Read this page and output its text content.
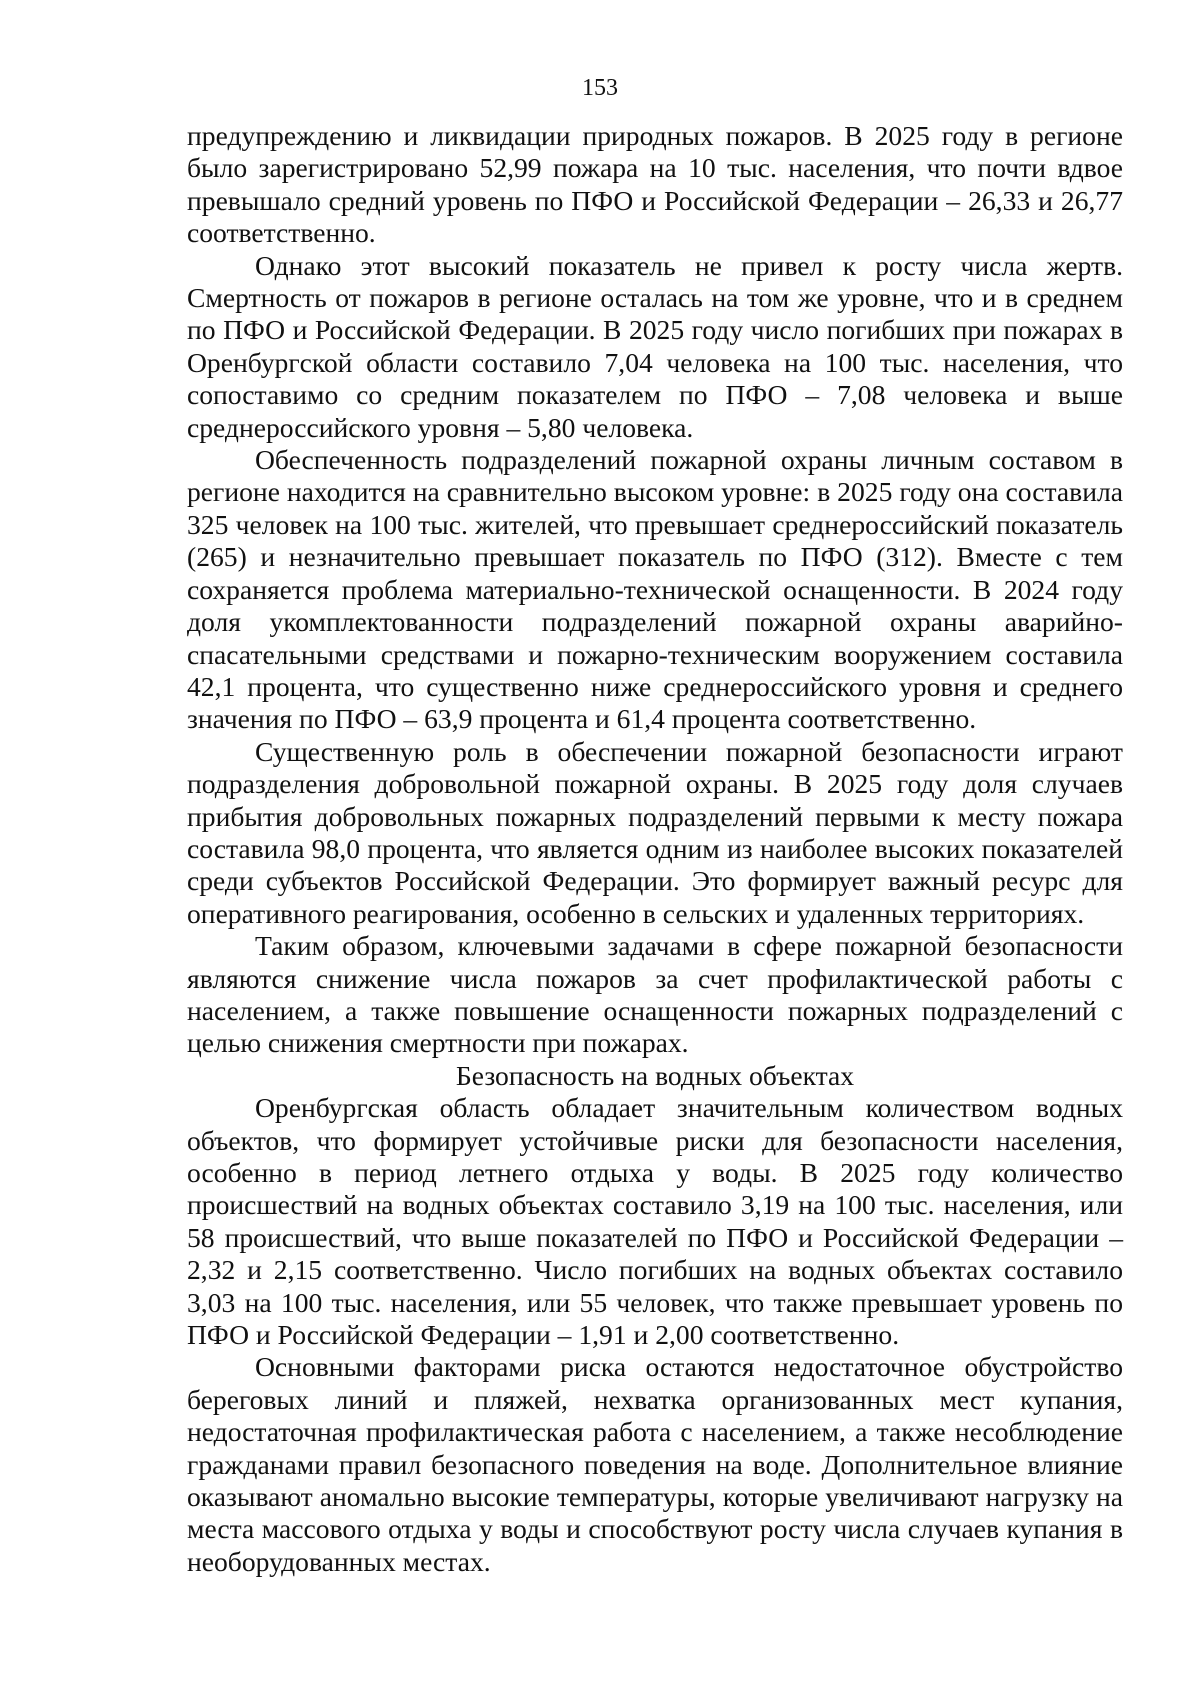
153

предупреждению и ликвидации природных пожаров. В 2025 году в регионе было зарегистрировано 52,99 пожара на 10 тыс. населения, что почти вдвое превышало средний уровень по ПФО и Российской Федерации – 26,33 и 26,77 соответственно.

Однако этот высокий показатель не привел к росту числа жертв. Смертность от пожаров в регионе осталась на том же уровне, что и в среднем по ПФО и Российской Федерации. В 2025 году число погибших при пожарах в Оренбургской области составило 7,04 человека на 100 тыс. населения, что сопоставимо со средним показателем по ПФО – 7,08 человека и выше среднероссийского уровня – 5,80 человека.

Обеспеченность подразделений пожарной охраны личным составом в регионе находится на сравнительно высоком уровне: в 2025 году она составила 325 человек на 100 тыс. жителей, что превышает среднероссийский показатель (265) и незначительно превышает показатель по ПФО (312). Вместе с тем сохраняется проблема материально-технической оснащенности. В 2024 году доля укомплектованности подразделений пожарной охраны аварийно-спасательными средствами и пожарно-техническим вооружением составила 42,1 процента, что существенно ниже среднероссийского уровня и среднего значения по ПФО – 63,9 процента и 61,4 процента соответственно.

Существенную роль в обеспечении пожарной безопасности играют подразделения добровольной пожарной охраны. В 2025 году доля случаев прибытия добровольных пожарных подразделений первыми к месту пожара составила 98,0 процента, что является одним из наиболее высоких показателей среди субъектов Российской Федерации. Это формирует важный ресурс для оперативного реагирования, особенно в сельских и удаленных территориях.

Таким образом, ключевыми задачами в сфере пожарной безопасности являются снижение числа пожаров за счет профилактической работы с населением, а также повышение оснащенности пожарных подразделений с целью снижения смертности при пожарах.

Безопасность на водных объектах

Оренбургская область обладает значительным количеством водных объектов, что формирует устойчивые риски для безопасности населения, особенно в период летнего отдыха у воды. В 2025 году количество происшествий на водных объектах составило 3,19 на 100 тыс. населения, или 58 происшествий, что выше показателей по ПФО и Российской Федерации – 2,32 и 2,15 соответственно. Число погибших на водных объектах составило 3,03 на 100 тыс. населения, или 55 человек, что также превышает уровень по ПФО и Российской Федерации – 1,91 и 2,00 соответственно.

Основными факторами риска остаются недостаточное обустройство береговых линий и пляжей, нехватка организованных мест купания, недостаточная профилактическая работа с населением, а также несоблюдение гражданами правил безопасного поведения на воде. Дополнительное влияние оказывают аномально высокие температуры, которые увеличивают нагрузку на места массового отдыха у воды и способствуют росту числа случаев купания в необорудованных местах.
